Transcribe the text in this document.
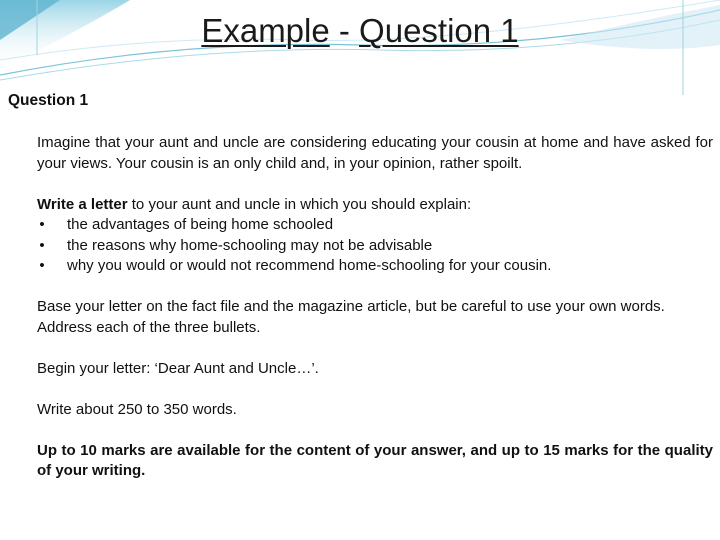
Example - Question 1
Question 1

Imagine that your aunt and uncle are considering educating your cousin at home and have asked for your views. Your cousin is an only child and, in your opinion, rather spoilt.

Write a letter to your aunt and uncle in which you should explain:

• the advantages of being home schooled
• the reasons why home-schooling may not be advisable
• why you would or would not recommend home-schooling for your cousin.

Base your letter on the fact file and the magazine article, but be careful to use your own words.
Address each of the three bullets.

Begin your letter: ‘Dear Aunt and Uncle…’.

Write about 250 to 350 words.

Up to 10 marks are available for the content of your answer, and up to 15 marks for the quality of your writing.
